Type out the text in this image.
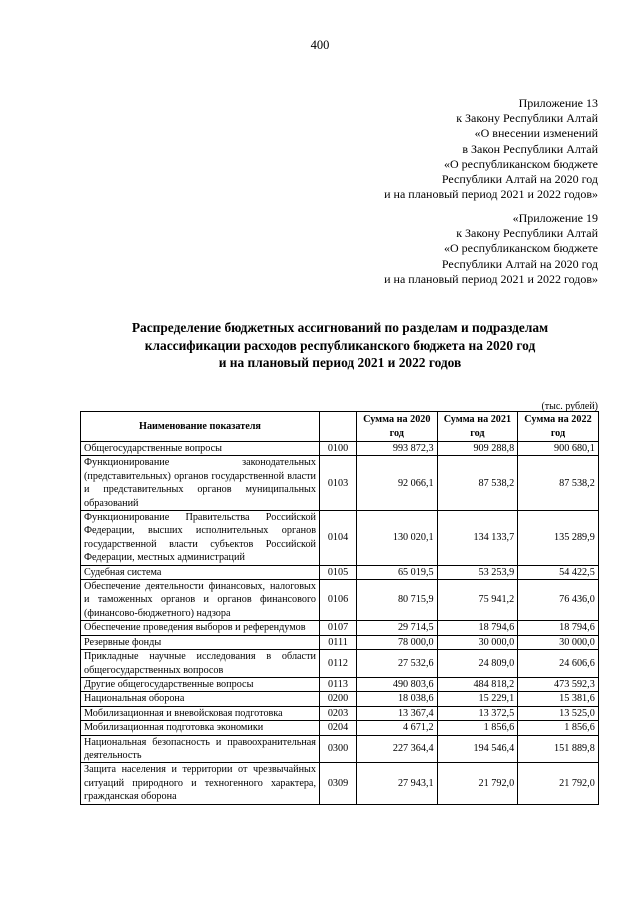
400
Приложение 13
к Закону Республики Алтай
«О внесении изменений
в Закон Республики Алтай
«О республиканском бюджете
Республики Алтай на 2020 год
и на плановый период 2021 и 2022 годов»
«Приложение 19
к Закону Республики Алтай
«О республиканском бюджете
Республики Алтай на 2020 год
и на плановый период 2021 и 2022 годов»
Распределение бюджетных ассигнований по разделам и подразделам
классификации расходов республиканского бюджета на 2020 год
и на плановый период 2021 и 2022 годов
(тыс. рублей)
Наименование показателя		Сумма на 2020 год	Сумма на 2021 год	Сумма на 2022 год
Общегосударственные вопросы	0100	993 872,3	909 288,8	900 680,1
Функционирование законодательных (представительных) органов государственной власти и представительных органов муниципальных образований	0103	92 066,1	87 538,2	87 538,2
Функционирование Правительства Российской Федерации, высших исполнительных органов государственной власти субъектов Российской Федерации, местных администраций	0104	130 020,1	134 133,7	135 289,9
Судебная система	0105	65 019,5	53 253,9	54 422,5
Обеспечение деятельности финансовых, налоговых и таможенных органов и органов финансового (финансово-бюджетного) надзора	0106	80 715,9	75 941,2	76 436,0
Обеспечение проведения выборов и референдумов	0107	29 714,5	18 794,6	18 794,6
Резервные фонды	0111	78 000,0	30 000,0	30 000,0
Прикладные научные исследования в области общегосударственных вопросов	0112	27 532,6	24 809,0	24 606,6
Другие общегосударственные вопросы	0113	490 803,6	484 818,2	473 592,3
Национальная оборона	0200	18 038,6	15 229,1	15 381,6
Мобилизационная и вневойсковая подготовка	0203	13 367,4	13 372,5	13 525,0
Мобилизационная подготовка экономики	0204	4 671,2	1 856,6	1 856,6
Национальная безопасность и правоохранительная деятельность	0300	227 364,4	194 546,4	151 889,8
Защита населения и территории от чрезвычайных ситуаций природного и техногенного характера, гражданская оборона	0309	27 943,1	21 792,0	21 792,0
